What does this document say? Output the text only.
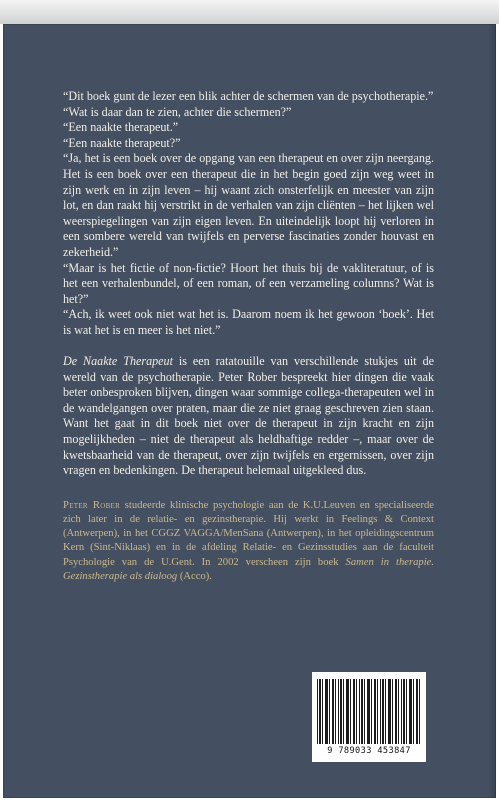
“Dit boek gunt de lezer een blik achter de schermen van de psychotherapie.”

“Wat is daar dan te zien, achter die schermen?”

“Een naakte therapeut.”

“Een naakte therapeut?”

“Ja, het is een boek over de opgang van een therapeut en over zijn neergang. Het is een boek over een therapeut die in het begin goed zijn weg weet in zijn werk en in zijn leven – hij waant zich onsterfelijk en meester van zijn lot, en dan raakt hij verstrikt in de verhalen van zijn cliënten – het lijken wel weerspiegelingen van zijn eigen leven. En uiteindelijk loopt hij verloren in een sombere wereld van twijfels en perverse fascinaties zonder houvast en zekerheid.”

“Maar is het fictie of non-fictie? Hoort het thuis bij de vakliteratuur, of is het een verhalenbundel, of een roman, of een verzameling columns? Wat is het?”

“Ach, ik weet ook niet wat het is. Daarom noem ik het gewoon ‘boek’. Het is wat het is en meer is het niet.”

De Naakte Therapeut is een ratatouille van verschillende stukjes uit de wereld van de psychotherapie. Peter Rober bespreekt hier dingen die vaak beter onbesproken blijven, dingen waar sommige collega-therapeuten wel in de wandelgangen over praten, maar die ze niet graag geschreven zien staan. Want het gaat in dit boek niet over de therapeut in zijn kracht en zijn mogelijkheden – niet de therapeut als heldhaftige redder –, maar over de kwetsbaarheid van de therapeut, over zijn twijfels en ergernissen, over zijn vragen en bedenkingen. De therapeut helemaal uitgekleed dus.

Peter Rober studeerde klinische psychologie aan de K.U.Leuven en specialiseerde zich later in de relatie- en gezinstherapie. Hij werkt in Feelings & Context (Antwerpen), in het CGGZ VAGGA/MenSana (Antwerpen), in het opleidingscentrum Kern (Sint-Niklaas) en in de afdeling Relatie- en Gezinsstudies aan de faculteit Psychologie van de U.Gent. In 2002 verscheen zijn boek Samen in therapie. Gezinstherapie als dialoog (Acco).

9 789033 453847
